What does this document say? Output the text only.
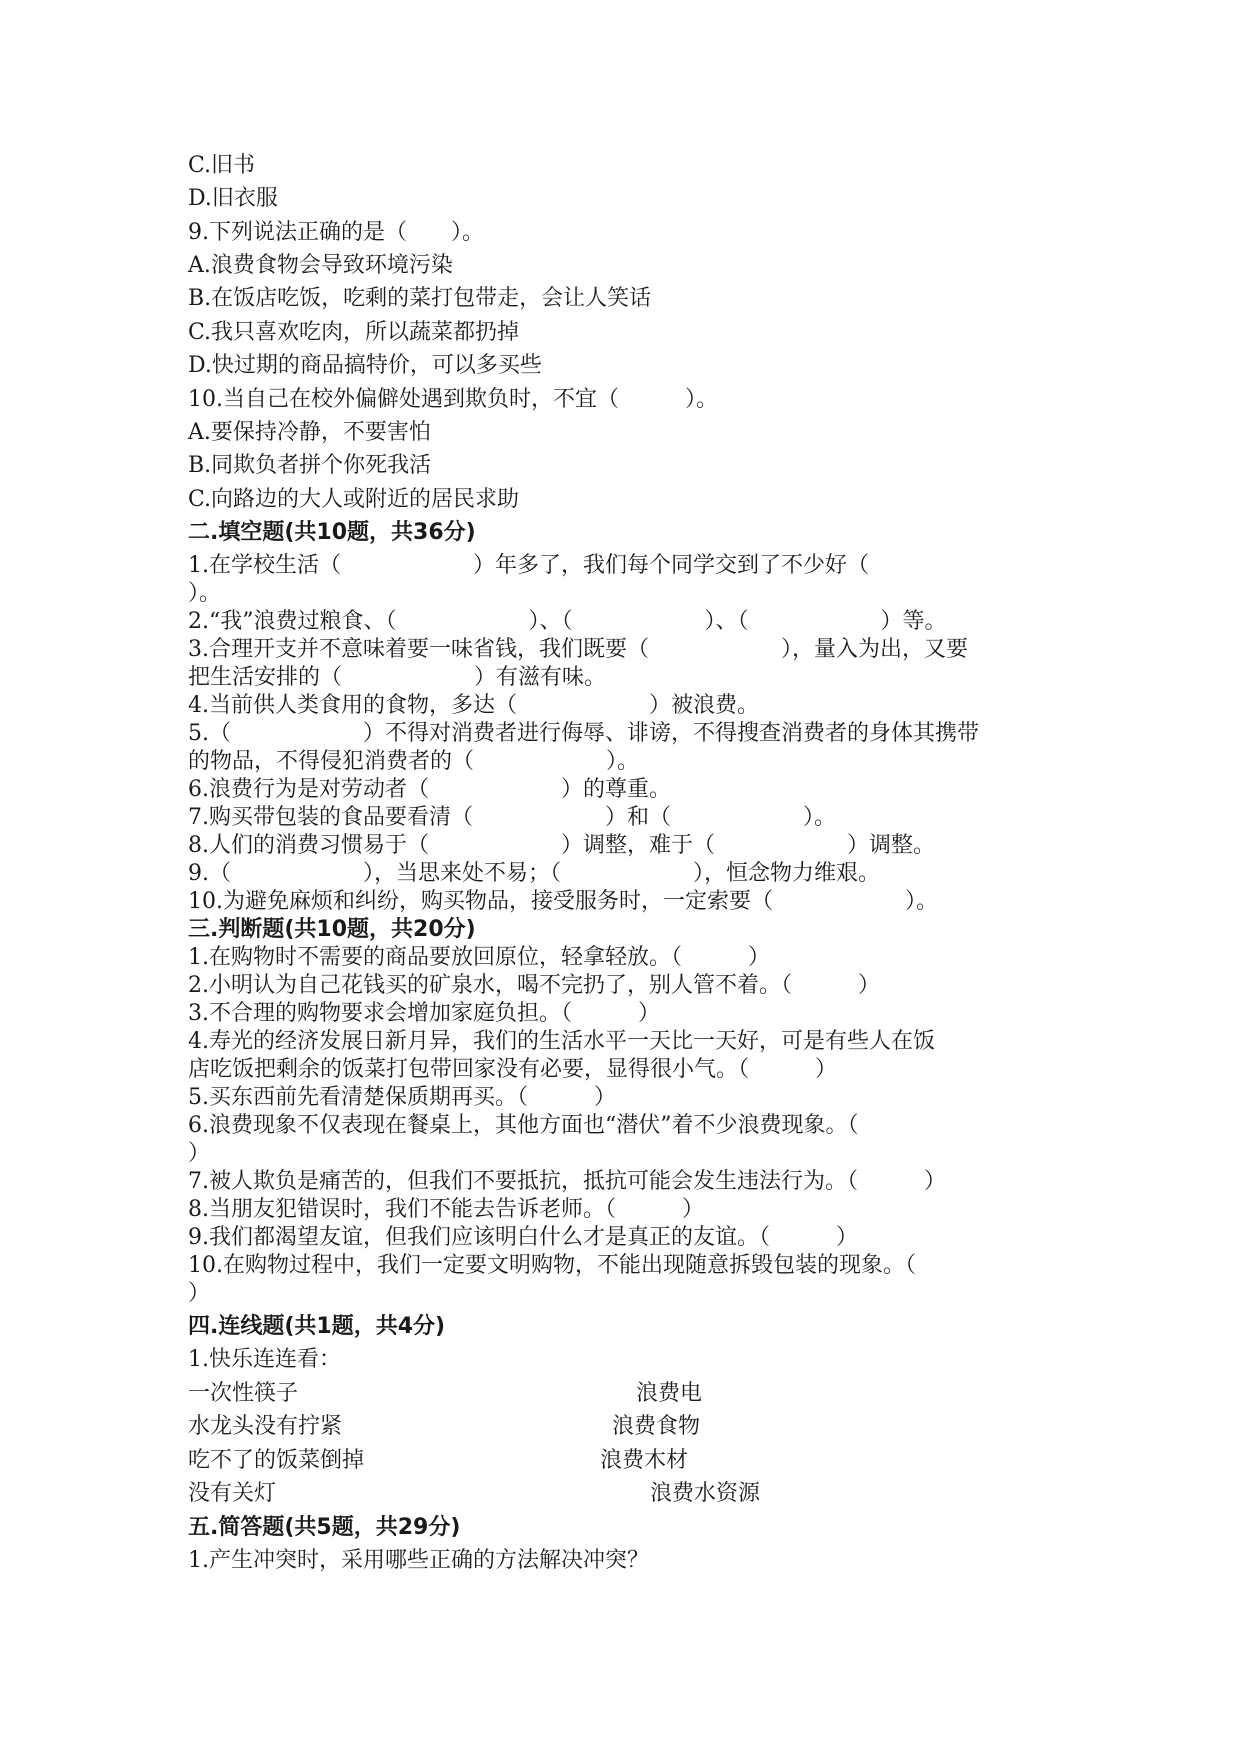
C.旧书
D.旧衣服
9.下列说法正确的是（　　）。
A.浪费食物会导致环境污染
B.在饭店吃饭，吃剩的菜打包带走，会让人笑话
C.我只喜欢吃肉，所以蔬菜都扔掉
D.快过期的商品搞特价，可以多买些
10.当自己在校外偏僻处遇到欺负时，不宜（　　　）。
A.要保持冷静，不要害怕
B.同欺负者拼个你死我活
C.向路边的大人或附近的居民求助
二.填空题(共10题，共36分)
1.在学校生活（　　　　　　）年多了，我们每个同学交到了不少好（
）。
2.“我”浪费过粮食、（　　　　　　）、（　　　　　　）、（　　　　　　）等。
3.合理开支并不意味着要一味省钱，我们既要（　　　　　　），量入为出，又要
把生活安排的（　　　　　　）有滋有味。
4.当前供人类食用的食物，多达（　　　　　　）被浪费。
5.（　　　　　　）不得对消费者进行侮辱、诽谤，不得搜查消费者的身体其携带
的物品，不得侵犯消费者的（　　　　　　）。
6.浪费行为是对劳动者（　　　　　　）的尊重。
7.购买带包装的食品要看清（　　　　　　）和（　　　　　　）。
8.人们的消费习惯易于（　　　　　　）调整，难于（　　　　　　）调整。
9.（　　　　　　），当思来处不易；（　　　　　　），恒念物力维艰。
10.为避免麻烦和纠纷，购买物品，接受服务时，一定索要（　　　　　　）。
三.判断题(共10题，共20分)
1.在购物时不需要的商品要放回原位，轻拿轻放。（　　　）
2.小明认为自己花钱买的矿泉水，喝不完扔了，别人管不着。（　　　）
3.不合理的购物要求会增加家庭负担。（　　　）
4.寿光的经济发展日新月异，我们的生活水平一天比一天好，可是有些人在饭
店吃饭把剩余的饭菜打包带回家没有必要，显得很小气。（　　　）
5.买东西前先看清楚保质期再买。（　　　）
6.浪费现象不仅表现在餐桌上，其他方面也“潜伏”着不少浪费现象。（
）
7.被人欺负是痛苦的，但我们不要抵抗，抵抗可能会发生违法行为。（　　　）
8.当朋友犯错误时，我们不能去告诉老师。（　　　）
9.我们都渴望友谊，但我们应该明白什么才是真正的友谊。（　　　）
10.在购物过程中，我们一定要文明购物，不能出现随意拆毁包装的现象。（
）
四.连线题(共1题，共4分)
1.快乐连连看：
一次性筷子	浪费电
水龙头没有拧紧	浪费食物
吃不了的饭菜倒掉	浪费木材
没有关灯	浪费水资源
五.简答题(共5题，共29分)
1.产生冲突时，采用哪些正确的方法解决冲突？
